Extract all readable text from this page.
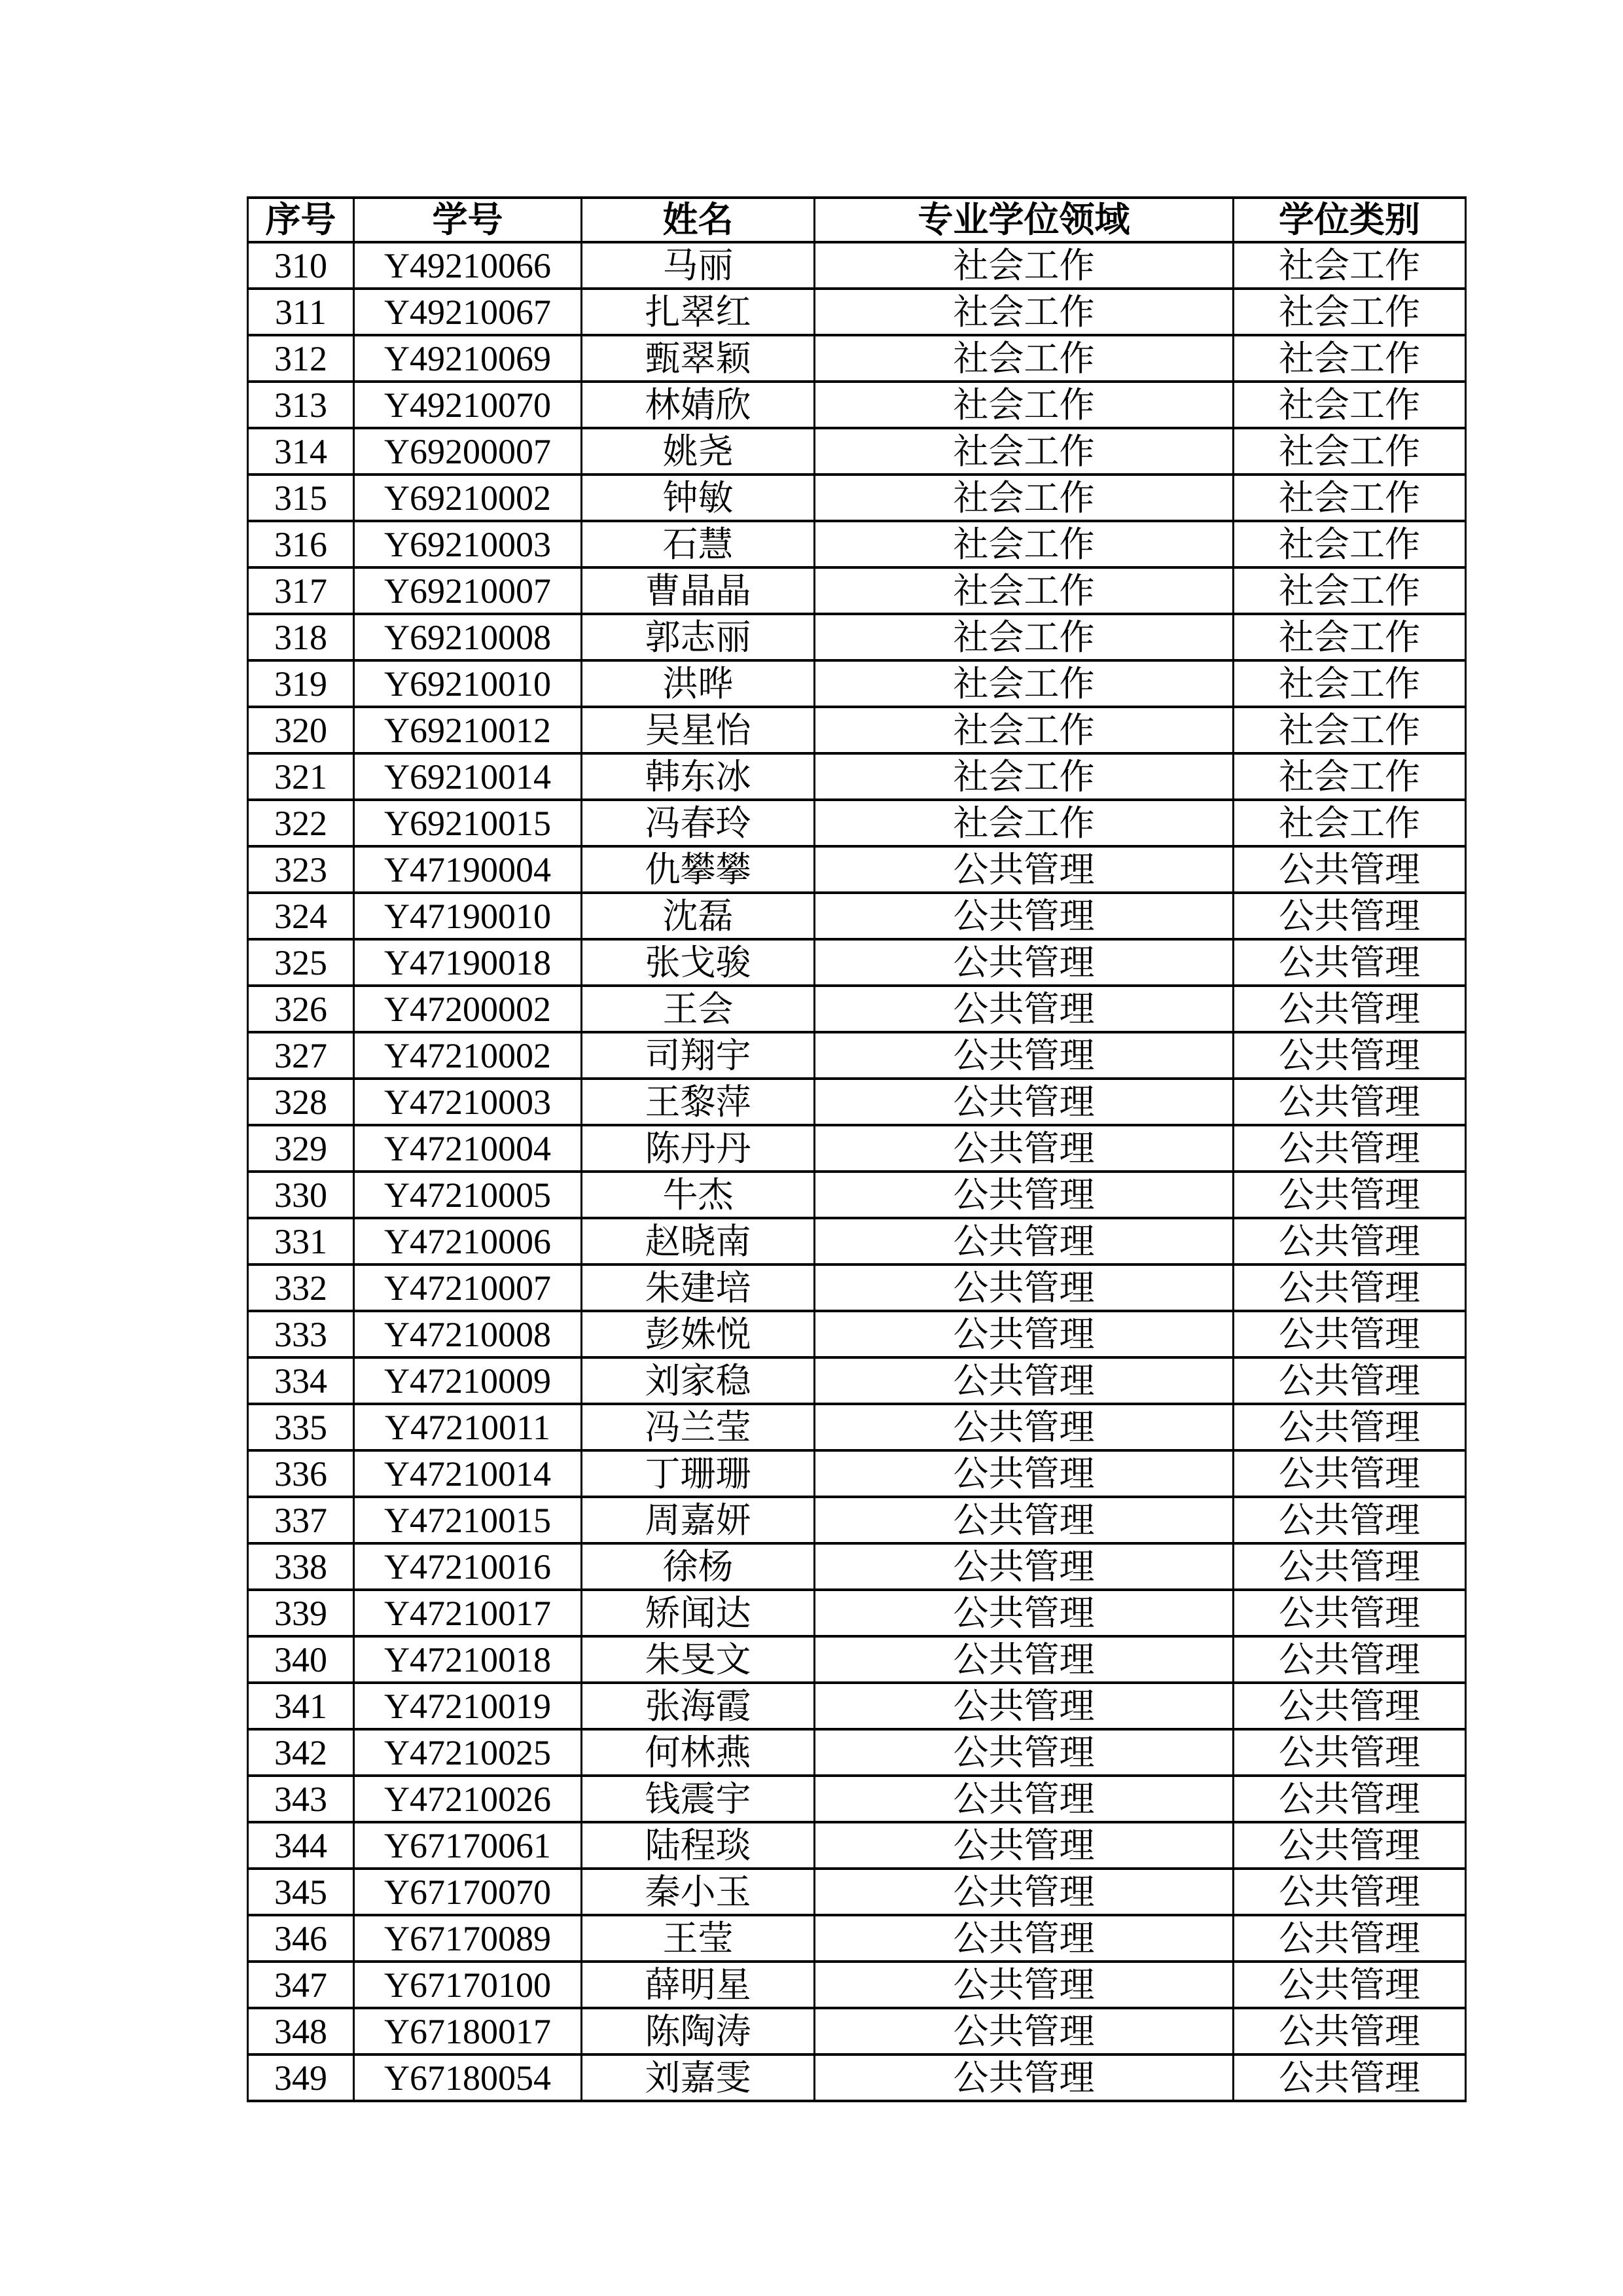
序号	学号	姓名	专业学位领域	学位类别
310	Y49210066	马丽	社会工作	社会工作
311	Y49210067	扎翠红	社会工作	社会工作
312	Y49210069	甄翠颖	社会工作	社会工作
313	Y49210070	林婧欣	社会工作	社会工作
314	Y69200007	姚尧	社会工作	社会工作
315	Y69210002	钟敏	社会工作	社会工作
316	Y69210003	石慧	社会工作	社会工作
317	Y69210007	曹晶晶	社会工作	社会工作
318	Y69210008	郭志丽	社会工作	社会工作
319	Y69210010	洪晔	社会工作	社会工作
320	Y69210012	吴星怡	社会工作	社会工作
321	Y69210014	韩东冰	社会工作	社会工作
322	Y69210015	冯春玲	社会工作	社会工作
323	Y47190004	仇攀攀	公共管理	公共管理
324	Y47190010	沈磊	公共管理	公共管理
325	Y47190018	张戈骏	公共管理	公共管理
326	Y47200002	王会	公共管理	公共管理
327	Y47210002	司翔宇	公共管理	公共管理
328	Y47210003	王黎萍	公共管理	公共管理
329	Y47210004	陈丹丹	公共管理	公共管理
330	Y47210005	牛杰	公共管理	公共管理
331	Y47210006	赵晓南	公共管理	公共管理
332	Y47210007	朱建培	公共管理	公共管理
333	Y47210008	彭姝悦	公共管理	公共管理
334	Y47210009	刘家稳	公共管理	公共管理
335	Y47210011	冯兰莹	公共管理	公共管理
336	Y47210014	丁珊珊	公共管理	公共管理
337	Y47210015	周嘉妍	公共管理	公共管理
338	Y47210016	徐杨	公共管理	公共管理
339	Y47210017	矫闻达	公共管理	公共管理
340	Y47210018	朱旻文	公共管理	公共管理
341	Y47210019	张海霞	公共管理	公共管理
342	Y47210025	何林燕	公共管理	公共管理
343	Y47210026	钱震宇	公共管理	公共管理
344	Y67170061	陆程琰	公共管理	公共管理
345	Y67170070	秦小玉	公共管理	公共管理
346	Y67170089	王莹	公共管理	公共管理
347	Y67170100	薛明星	公共管理	公共管理
348	Y67180017	陈陶涛	公共管理	公共管理
349	Y67180054	刘嘉雯	公共管理	公共管理
